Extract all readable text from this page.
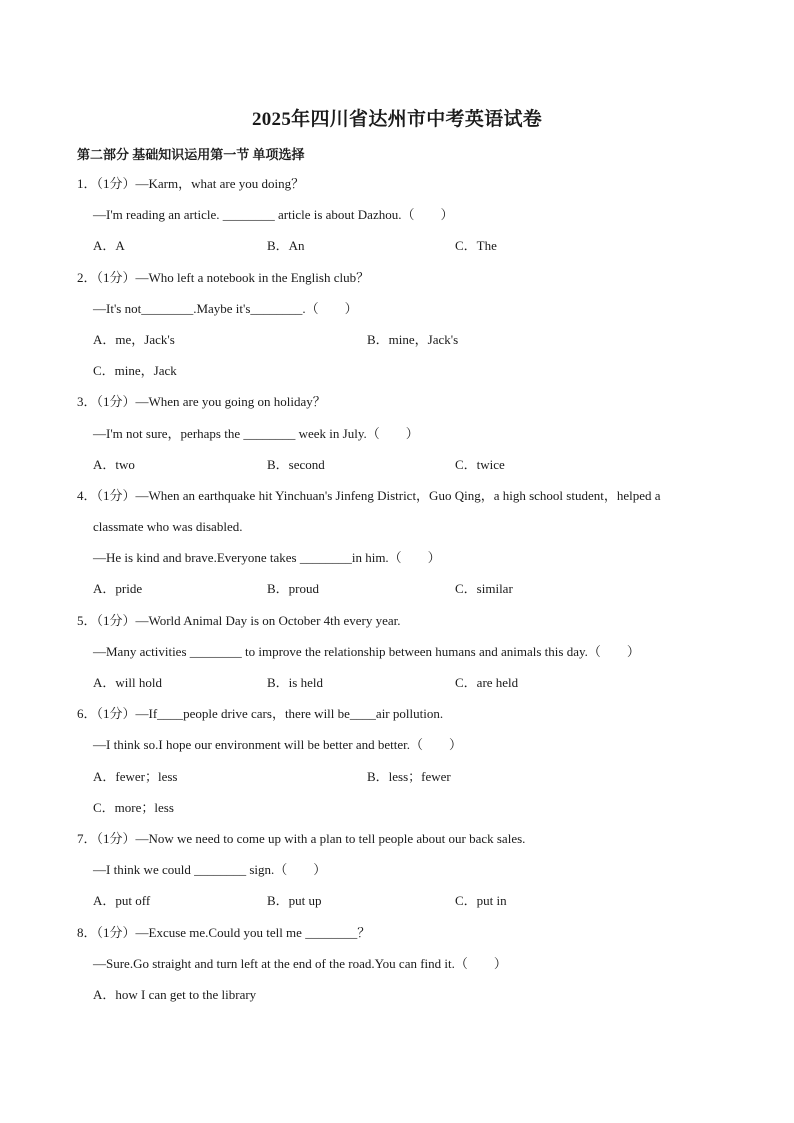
2025年四川省达州市中考英语试卷
第二部分 基础知识运用第一节 单项选择
1．（1分）—Karm，what are you doing？
—I'm reading an article. ________ article is about Dazhou.（　　）
A．A	B．An	C．The
2．（1分）—Who left a notebook in the English club？
—It's not________.Maybe it's________.（　　）
A．me，Jack's	B．mine，Jack's
C．mine，Jack
3．（1分）—When are you going on holiday？
—I'm not sure，perhaps the ________ week in July.（　　）
A．two	B．second	C．twice
4．（1分）—When an earthquake hit Yinchuan's Jinfeng District，Guo Qing，a high school student，helped a
classmate who was disabled.
—He is kind and brave.Everyone takes ________in him.（　　）
A．pride	B．proud	C．similar
5．（1分）—World Animal Day is on October 4th every year.
—Many activities ________ to improve the relationship between humans and animals this day.（　　）
A．will hold	B．is held	C．are held
6．（1分）—If____people drive cars，there will be____air pollution.
—I think so.I hope our environment will be better and better.（　　）
A．fewer；less	B．less；fewer
C．more；less
7．（1分）—Now we need to come up with a plan to tell people about our back sales.
—I think we could ________ sign.（　　）
A．put off	B．put up	C．put in
8．（1分）—Excuse me.Could you tell me ________？
—Sure.Go straight and turn left at the end of the road.You can find it.（　　）
A．how I can get to the library
